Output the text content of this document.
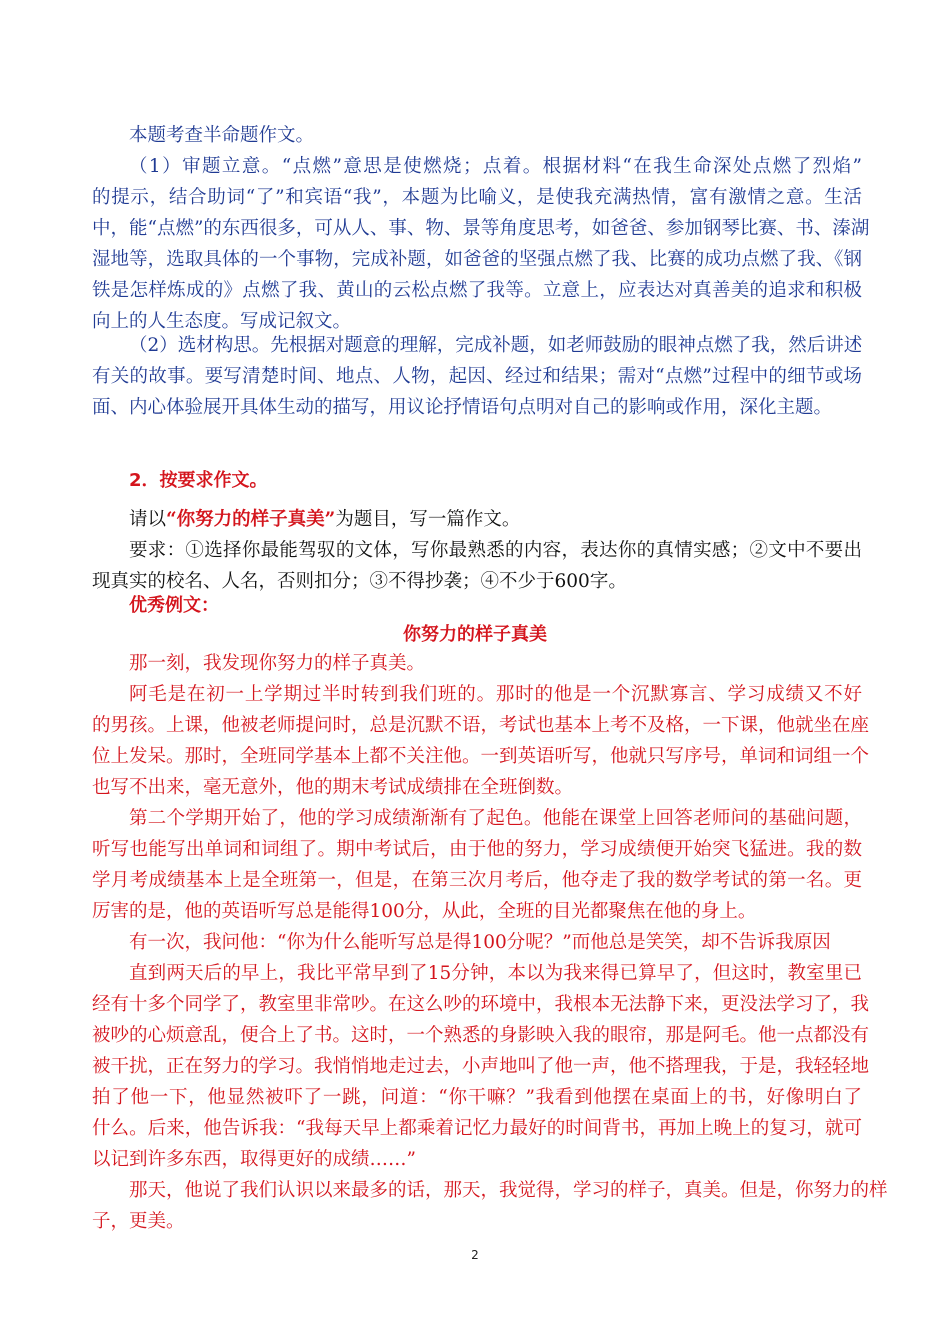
本题考查半命题作文。
（1）审题立意。“点燃”意思是使燃烧；点着。根据材料“在我生命深处点燃了烈焰”
的提示，结合助词“了”和宾语“我”，本题为比喻义，是使我充满热情，富有激情之意。生活
中，能“点燃”的东西很多，可从人、事、物、景等角度思考，如爸爸、参加钢琴比赛、书、溱湖
湿地等，选取具体的一个事物，完成补题，如爸爸的坚强点燃了我、比赛的成功点燃了我、《钢
铁是怎样炼成的》点燃了我、黄山的云松点燃了我等。立意上，应表达对真善美的追求和积极
向上的人生态度。写成记叙文。
（2）选材构思。先根据对题意的理解，完成补题，如老师鼓励的眼神点燃了我，然后讲述
有关的故事。要写清楚时间、地点、人物，起因、经过和结果；需对“点燃”过程中的细节或场
面、内心体验展开具体生动的描写，用议论抒情语句点明对自己的影响或作用，深化主题。
2．按要求作文。
请以“你努力的样子真美”为题目，写一篇作文。
要求：①选择你最能驾驭的文体，写你最熟悉的内容，表达你的真情实感；②文中不要出
现真实的校名、人名，否则扣分；③不得抄袭；④不少于600字。
优秀例文：
你努力的样子真美
那一刻，我发现你努力的样子真美。
阿毛是在初一上学期过半时转到我们班的。那时的他是一个沉默寡言、学习成绩又不好
的男孩。上课，他被老师提问时，总是沉默不语，考试也基本上考不及格，一下课，他就坐在座
位上发呆。那时，全班同学基本上都不关注他。一到英语听写，他就只写序号，单词和词组一个
也写不出来，毫无意外，他的期末考试成绩排在全班倒数。
第二个学期开始了，他的学习成绩渐渐有了起色。他能在课堂上回答老师问的基础问题，
听写也能写出单词和词组了。期中考试后，由于他的努力，学习成绩便开始突飞猛进。我的数
学月考成绩基本上是全班第一，但是，在第三次月考后，他夺走了我的数学考试的第一名。更
厉害的是，他的英语听写总是能得100分，从此，全班的目光都聚焦在他的身上。
有一次，我问他：“你为什么能听写总是得100分呢？”而他总是笑笑，却不告诉我原因
直到两天后的早上，我比平常早到了15分钟，本以为我来得已算早了，但这时，教室里已
经有十多个同学了，教室里非常吵。在这么吵的环境中，我根本无法静下来，更没法学习了，我
被吵的心烦意乱，便合上了书。这时，一个熟悉的身影映入我的眼帘，那是阿毛。他一点都没有
被干扰，正在努力的学习。我悄悄地走过去，小声地叫了他一声，他不搭理我，于是，我轻轻地
拍了他一下，他显然被吓了一跳，问道：“你干嘛？”我看到他摆在桌面上的书，好像明白了
什么。后来，他告诉我：“我每天早上都乘着记忆力最好的时间背书，再加上晚上的复习，就可
以记到许多东西，取得更好的成绩……”
那天，他说了我们认识以来最多的话，那天，我觉得，学习的样子，真美。但是，你努力的样
子，更美。
2
